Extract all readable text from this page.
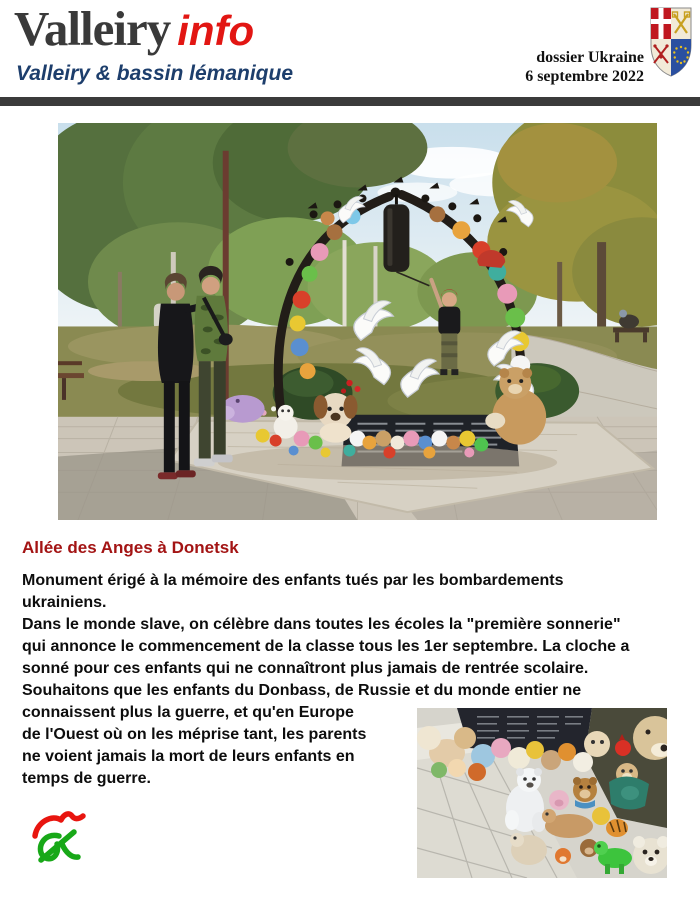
Valleiry info
Valleiry & bassin lémanique
dossier Ukraine
6 septembre 2022
Allée des Anges à Donetsk
Monument érigé à la mémoire des enfants tués par les bombardements
ukrainiens.
Dans le monde slave, on célèbre dans toutes les écoles la "première sonnerie"
qui annonce le commencement de la classe tous les 1er septembre. La cloche a
sonné pour ces enfants qui ne connaîtront plus jamais de rentrée scolaire.
Souhaitons que les enfants du Donbass, de Russie et du monde entier ne
connaissent plus la guerre, et qu'en Europe
de l'Ouest où on les méprise tant, les parents
ne voient jamais la mort de leurs enfants en
temps de guerre.
